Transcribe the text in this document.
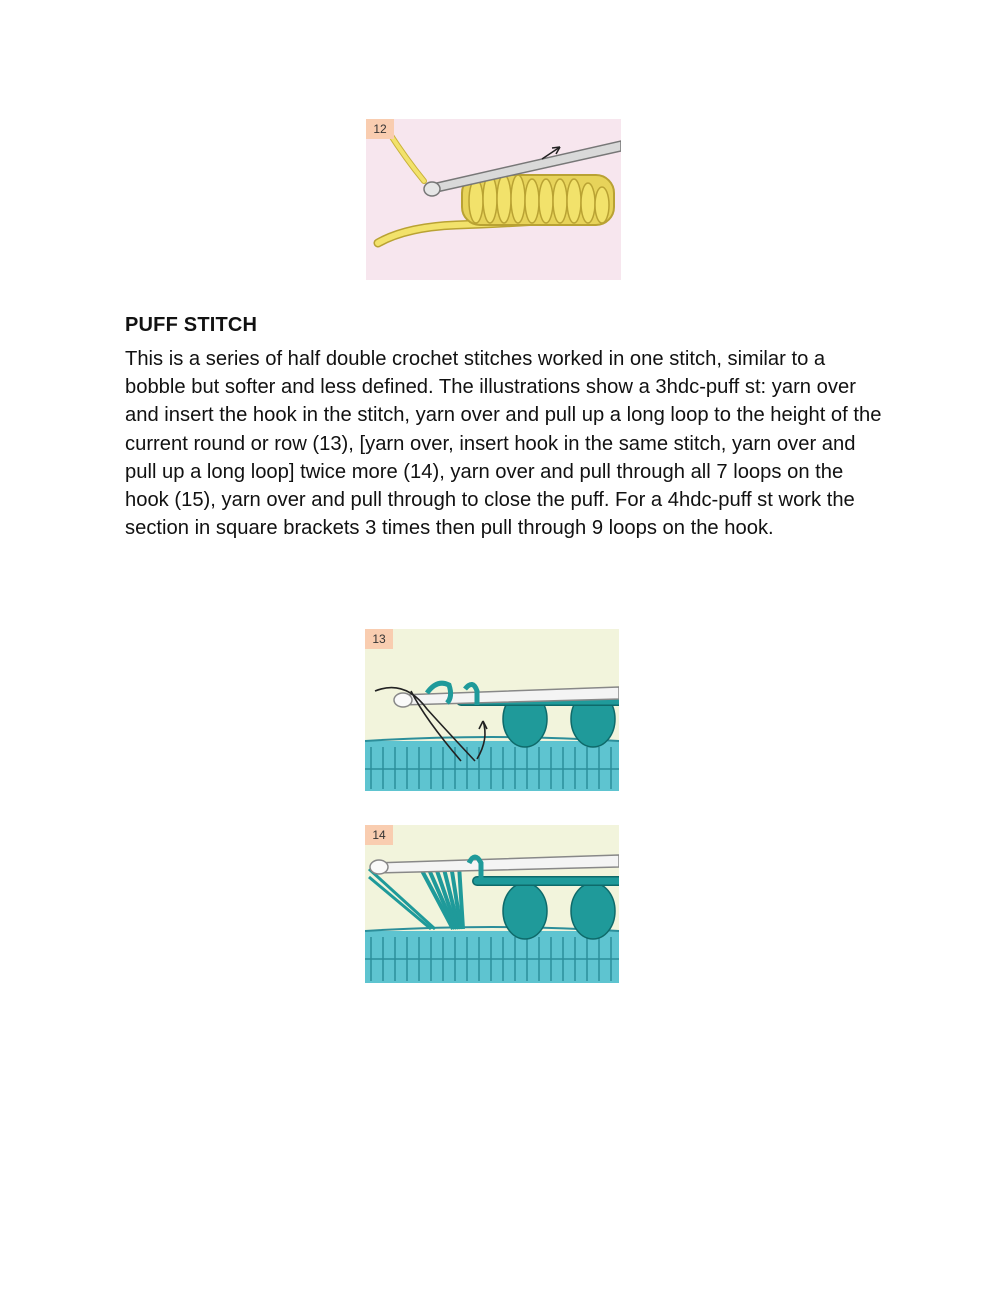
12
PUFF STITCH

This is a series of half double crochet stitches worked in one stitch, similar to a bobble but softer and less defined. The illustrations show a 3hdc-puff st: yarn over and insert the hook in the stitch, yarn over and pull up a long loop to the height of the current round or row (13), [yarn over, insert hook in the same stitch, yarn over and pull up a long loop] twice more (14), yarn over and pull through all 7 loops on the hook (15), yarn over and pull through to close the puff. For a 4hdc-puff st work the section in square brackets 3 times then pull through 9 loops on the hook.

13
14
